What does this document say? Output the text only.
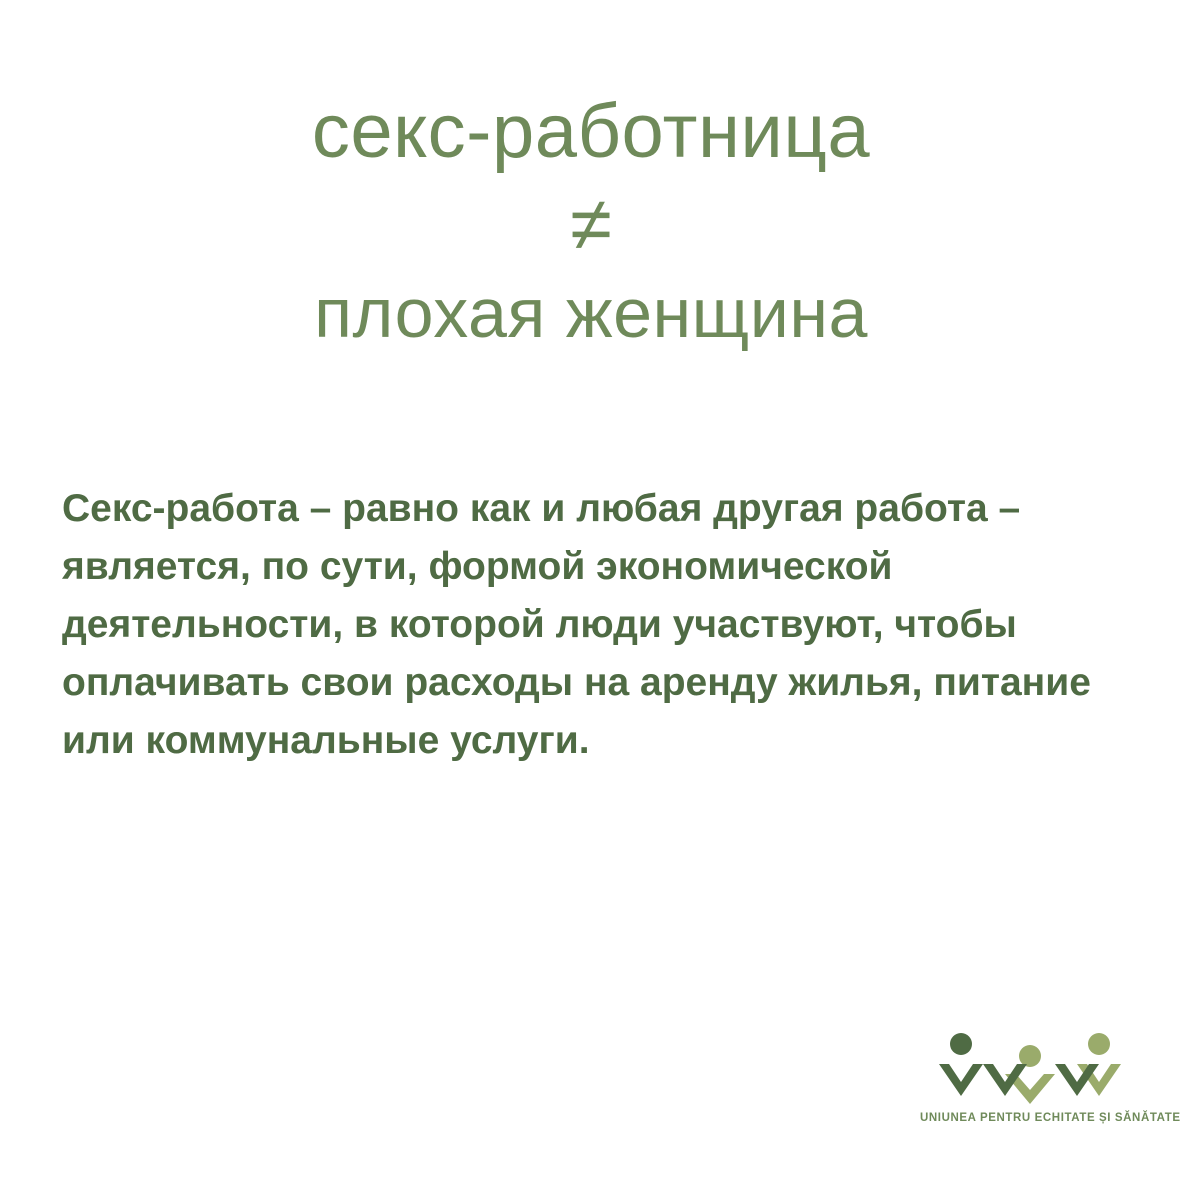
секс-работница
≠
плохая женщина
Секс-работа – равно как и любая другая работа – является, по сути, формой экономической деятельности, в которой люди участвуют, чтобы оплачивать свои расходы на аренду жилья, питание или коммунальные услуги.
UNIUNEA PENTRU ECHITATE ȘI SĂNĂTATE
